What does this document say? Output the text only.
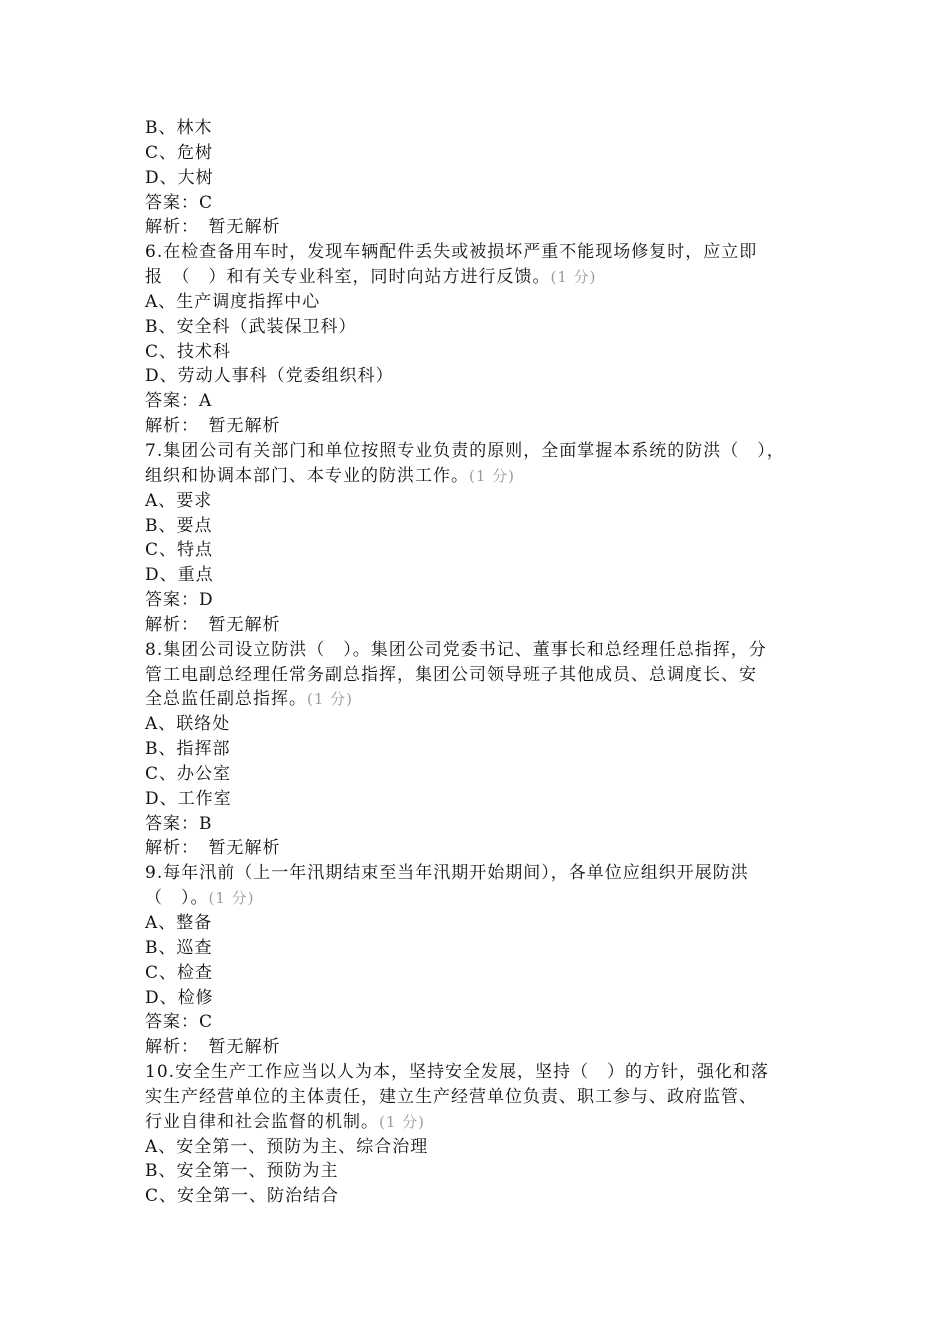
B、林木
C、危树
D、大树
答案：C
解析：　暂无解析
6.在检查备用车时，发现车辆配件丢失或被损坏严重不能现场修复时，应立即
报　（　）和有关专业科室，同时向站方进行反馈。(1 分)
A、生产调度指挥中心
B、安全科（武装保卫科）
C、技术科
D、劳动人事科（党委组织科）
答案：A
解析：　暂无解析
7.集团公司有关部门和单位按照专业负责的原则，全面掌握本系统的防洪（　），
组织和协调本部门、本专业的防洪工作。(1 分)
A、要求
B、要点
C、特点
D、重点
答案：D
解析：　暂无解析
8.集团公司设立防洪（　）。集团公司党委书记、董事长和总经理任总指挥，分
管工电副总经理任常务副总指挥，集团公司领导班子其他成员、总调度长、安
全总监任副总指挥。(1 分)
A、联络处
B、指挥部
C、办公室
D、工作室
答案：B
解析：　暂无解析
9.每年汛前（上一年汛期结束至当年汛期开始期间），各单位应组织开展防洪
（　）。(1 分)
A、整备
B、巡查
C、检查
D、检修
答案：C
解析：　暂无解析
10.安全生产工作应当以人为本，坚持安全发展，坚持（　）的方针，强化和落
实生产经营单位的主体责任，建立生产经营单位负责、职工参与、政府监管、
行业自律和社会监督的机制。(1 分)
A、安全第一、预防为主、综合治理
B、安全第一、预防为主
C、安全第一、防治结合
